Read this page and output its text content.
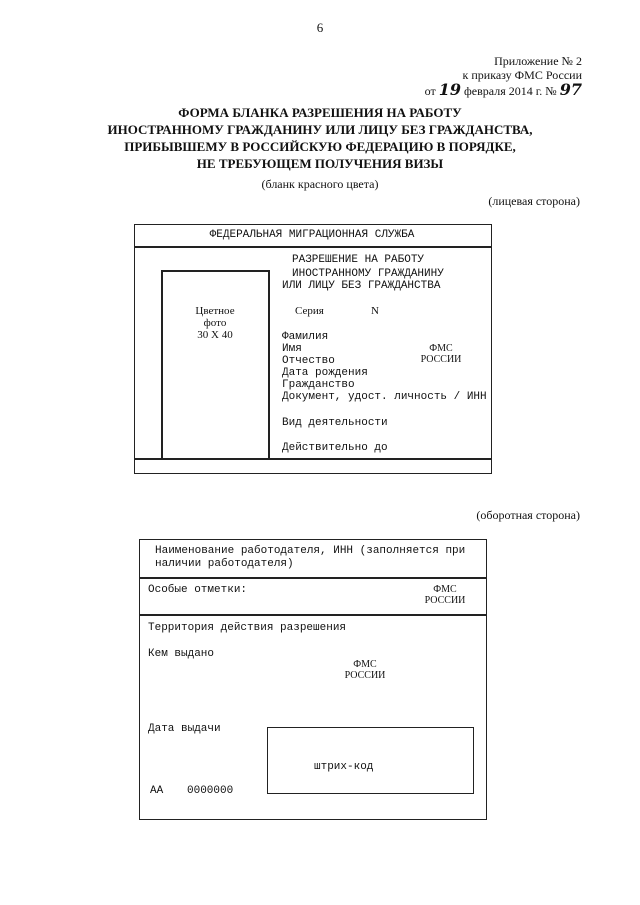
6
Приложение № 2
к приказу ФМС России
от 19 февраля 2014 г. № 97
ФОРМА БЛАНКА РАЗРЕШЕНИЯ НА РАБОТУ
ИНОСТРАННОМУ ГРАЖДАНИНУ ИЛИ ЛИЦУ БЕЗ ГРАЖДАНСТВА,
ПРИБЫВШЕМУ В РОССИЙСКУЮ ФЕДЕРАЦИЮ В ПОРЯДКЕ,
НЕ ТРЕБУЮЩЕМ ПОЛУЧЕНИЯ ВИЗЫ
(бланк красного цвета)
(лицевая сторона)
ФЕДЕРАЛЬНАЯ МИГРАЦИОННАЯ СЛУЖБА
Цветное
фото
30 X 40
РАЗРЕШЕНИЕ НА РАБОТУ
ИНОСТРАННОМУ ГРАЖДАНИНУ
ИЛИ ЛИЦУ БЕЗ ГРАЖДАНСТВА
Серия	N
Фамилия
Имя
Отчество
Дата рождения
Гражданство
Документ, удост. личность / ИНН
Вид деятельности
Действительно до
ФМС
РОССИИ
(оборотная сторона)
Наименование работодателя, ИНН (заполняется при
наличии работодателя)
Особые отметки:	ФМС
РОССИИ
Территория действия разрешения
Кем выдано
ФМС
РОССИИ
Дата выдачи
штрих-код
АА 0000000
